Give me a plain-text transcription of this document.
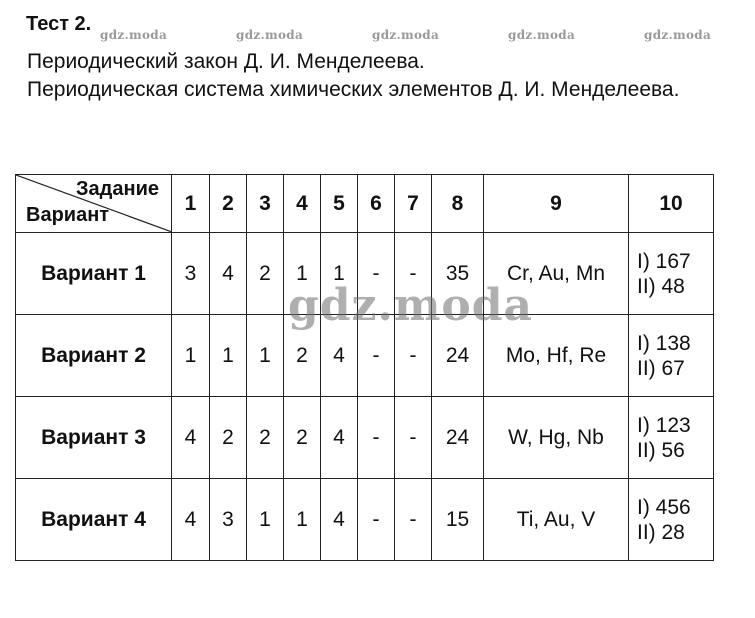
Тест 2. gdz.moda	gdz.moda	gdz.moda	gdz.moda	gdz.moda
Периодический закон Д. И. Менделеева.
Периодическая система химических элементов Д. И. Менделеева.
Задание
Вариант	1	2	3	4	5	6	7	8	9	10
Вариант 1	3	4	2	1	1	-	-	35	Cr, Au, Mn	I) 167
II) 48

Вариант 2	1	1	1	2	4	-	-	24	Mo, Hf, Re	I) 138
II) 67

Вариант 3	4	2	2	2	4	-	-	24	W, Hg, Nb	I) 123
II) 56

Вариант 4	4	3	1	1	4	-	-	15	Ti, Au, V	I) 456
II) 28
gdz.moda
